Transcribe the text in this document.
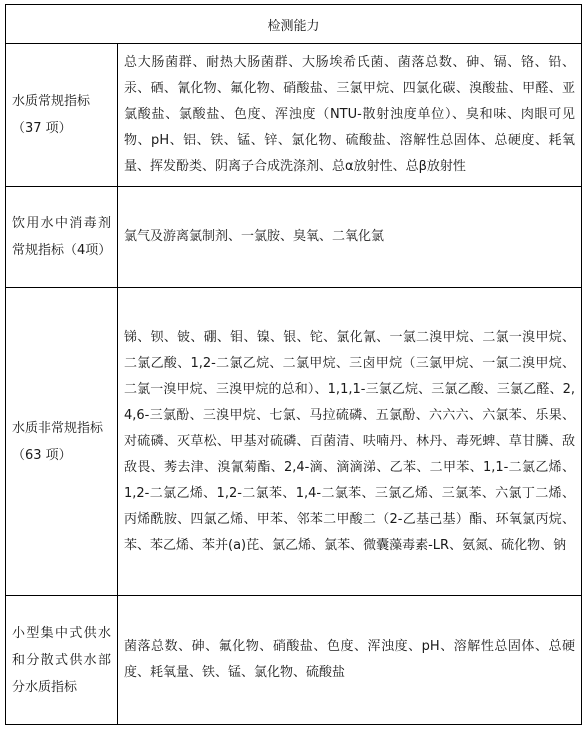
检测能力	

水质常规指标
（37 项）	总大肠菌群、耐热大肠菌群、大肠埃希氏菌、菌落总数、砷、镉、铬、铅、汞、硒、氰化物、氟化物、硝酸盐、三氯甲烷、四氯化碳、溴酸盐、甲醛、亚氯酸盐、氯酸盐、色度、浑浊度（NTU-散射浊度单位）、臭和味、肉眼可见物、pH、铝、铁、锰、锌、氯化物、硫酸盐、溶解性总固体、总硬度、耗氧量、挥发酚类、阴离子合成洗涤剂、总α放射性、总β放射性

饮用水中消毒剂常规指标（4项）	氯气及游离氯制剂、一氯胺、臭氧、二氧化氯

水质非常规指标
（63 项）	锑、钡、铍、硼、钼、镍、银、铊、氯化氰、一氯二溴甲烷、二氯一溴甲烷、二氯乙酸、1,2-二氯乙烷、二氯甲烷、三卤甲烷（三氯甲烷、一氯二溴甲烷、二氯一溴甲烷、三溴甲烷的总和）、1,1,1-三氯乙烷、三氯乙酸、三氯乙醛、2,4,6-三氯酚、三溴甲烷、七氯、马拉硫磷、五氯酚、六六六、六氯苯、乐果、对硫磷、灭草松、甲基对硫磷、百菌清、呋喃丹、林丹、毒死蜱、草甘膦、敌敌畏、莠去津、溴氰菊酯、2,4-滴、滴滴涕、乙苯、二甲苯、1,1-二氯乙烯、1,2-二氯乙烯、1,2-二氯苯、1,4-二氯苯、三氯乙烯、三氯苯、六氯丁二烯、丙烯酰胺、四氯乙烯、甲苯、邻苯二甲酸二（2-乙基己基）酯、环氧氯丙烷、苯、苯乙烯、苯并(a)芘、氯乙烯、氯苯、微囊藻毒素-LR、氨氮、硫化物、钠

小型集中式供水和分散式供水部分水质指标	菌落总数、砷、氟化物、硝酸盐、色度、浑浊度、pH、溶解性总固体、总硬度、耗氧量、铁、锰、氯化物、硫酸盐
